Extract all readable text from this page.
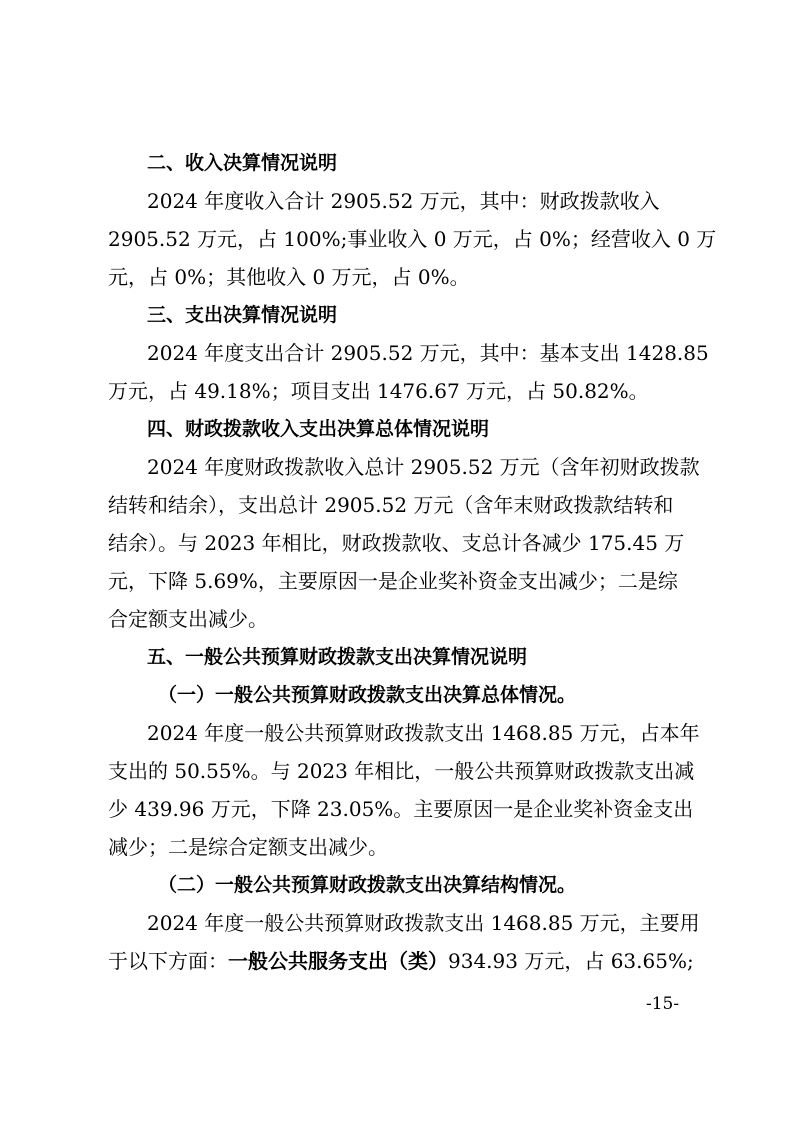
二、收入决算情况说明
2024 年度收入合计 2905.52 万元，其中：财政拨款收入
2905.52 万元，占 100%;事业收入 0 万元，占 0%；经营收入 0 万
元，占 0%；其他收入 0 万元，占 0%。
三、支出决算情况说明
2024 年度支出合计 2905.52 万元，其中：基本支出 1428.85
万元，占 49.18%；项目支出 1476.67 万元，占 50.82%。
四、财政拨款收入支出决算总体情况说明
2024 年度财政拨款收入总计 2905.52 万元（含年初财政拨款
结转和结余），支出总计 2905.52 万元（含年末财政拨款结转和
结余）。与 2023 年相比，财政拨款收、支总计各减少 175.45 万
元，下降 5.69%，主要原因一是企业奖补资金支出减少；二是综
合定额支出减少。
五、一般公共预算财政拨款支出决算情况说明
（一）一般公共预算财政拨款支出决算总体情况。
2024 年度一般公共预算财政拨款支出 1468.85 万元，占本年
支出的 50.55%。与 2023 年相比，一般公共预算财政拨款支出减
少 439.96 万元，下降 23.05%。主要原因一是企业奖补资金支出
减少；二是综合定额支出减少。
（二）一般公共预算财政拨款支出决算结构情况。
2024 年度一般公共预算财政拨款支出 1468.85 万元，主要用
于以下方面：一般公共服务支出（类）934.93 万元，占 63.65%;
-15-
